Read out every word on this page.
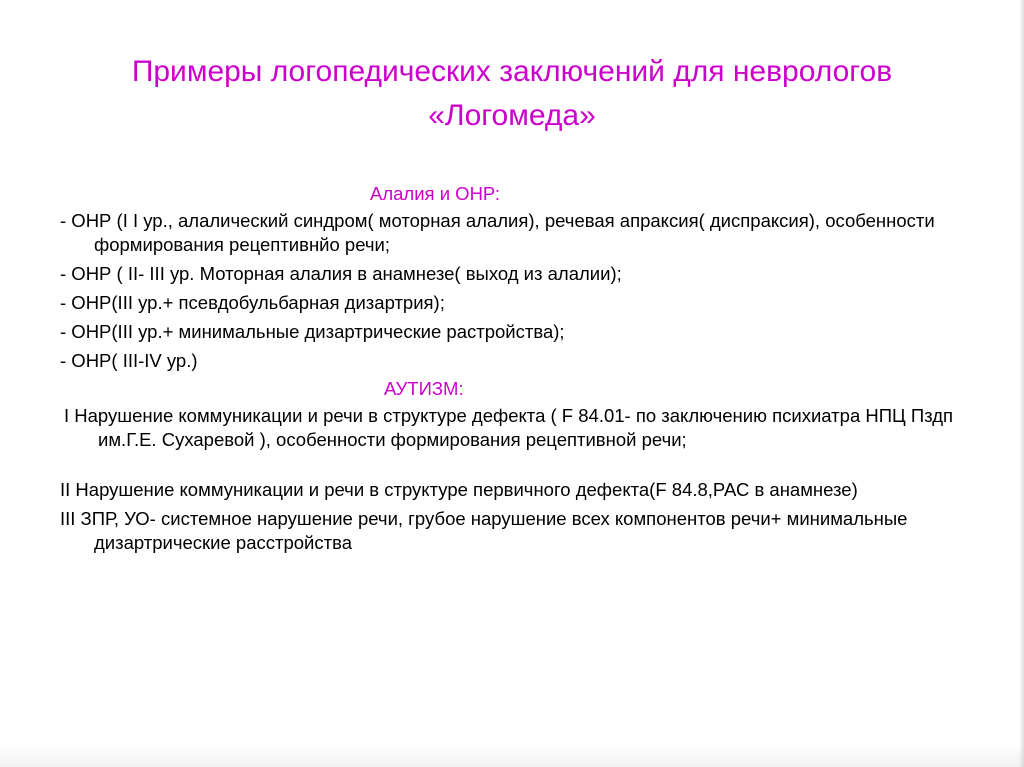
Примеры логопедических заключений для неврологов
«Логомеда»

Алалия и ОНР:

- ОНР (I I ур., алалический синдром( моторная алалия), речевая апраксия( диспраксия), особенности формирования рецептивнйо речи;

- ОНР ( II- III ур. Моторная алалия в анамнезе( выход из алалии);

- ОНР(III ур.+ псевдобульбарная дизартрия);

- ОНР(III ур.+ минимальные дизартрические растройства);

- ОНР( III-IV ур.)

АУТИЗМ:

I Нарушение коммуникации и речи в структуре дефекта ( F 84.01- по заключению психиатра НПЦ Пздп им.Г.Е. Сухаревой ), особенности формирования рецептивной речи;

II Нарушение коммуникации и речи в структуре первичного дефекта(F 84.8,РАС в анамнезе)

III ЗПР, УО- системное нарушение речи, грубое нарушение всех компонентов речи+ минимальные дизартрические расстройства
